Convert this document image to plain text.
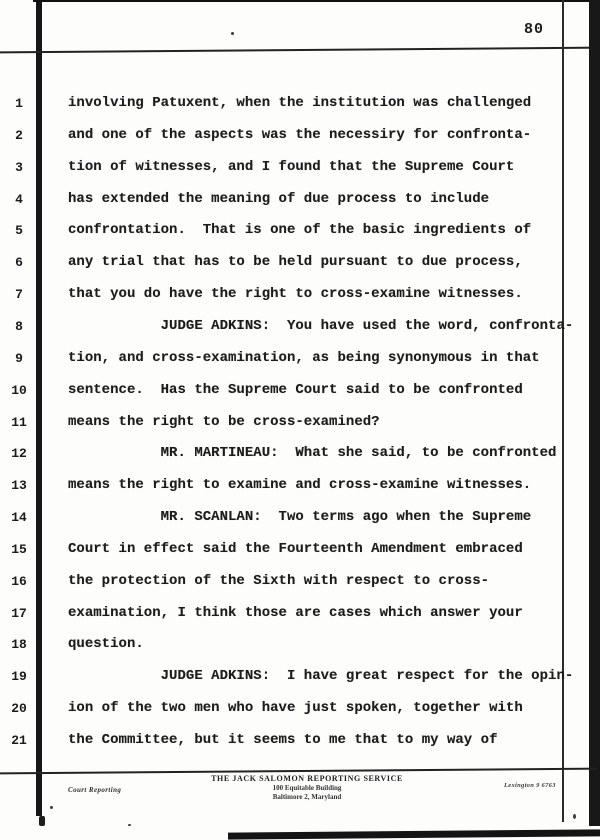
80
1	involving Patuxent, when the institution was challenged
2	and one of the aspects was the necessiry for confronta-
3	tion of witnesses, and I found that the Supreme Court
4	has extended the meaning of due process to include
5	confrontation.  That is one of the basic ingredients of
6	any trial that has to be held pursuant to due process,
7	that you do have the right to cross-examine witnesses.
8	JUDGE ADKINS:  You have used the word, confronta-
9	tion, and cross-examination, as being synonymous in that
10	sentence.  Has the Supreme Court said to be confronted
11	means the right to be cross-examined?
12	MR. MARTINEAU:  What she said, to be confronted
13	means the right to examine and cross-examine witnesses.
14	MR. SCANLAN:  Two terms ago when the Supreme
15	Court in effect said the Fourteenth Amendment embraced
16	the protection of the Sixth with respect to cross-
17	examination, I think those are cases which answer your
18	question.
19	JUDGE ADKINS:  I have great respect for the opin-
20	ion of the two men who have just spoken, together with
21	the Committee, but it seems to me that to my way of
THE JACK SALOMON REPORTING SERVICE
100 Equitable Building
Baltimore 2, Maryland
Court Reporting
Lexington 9 6763
